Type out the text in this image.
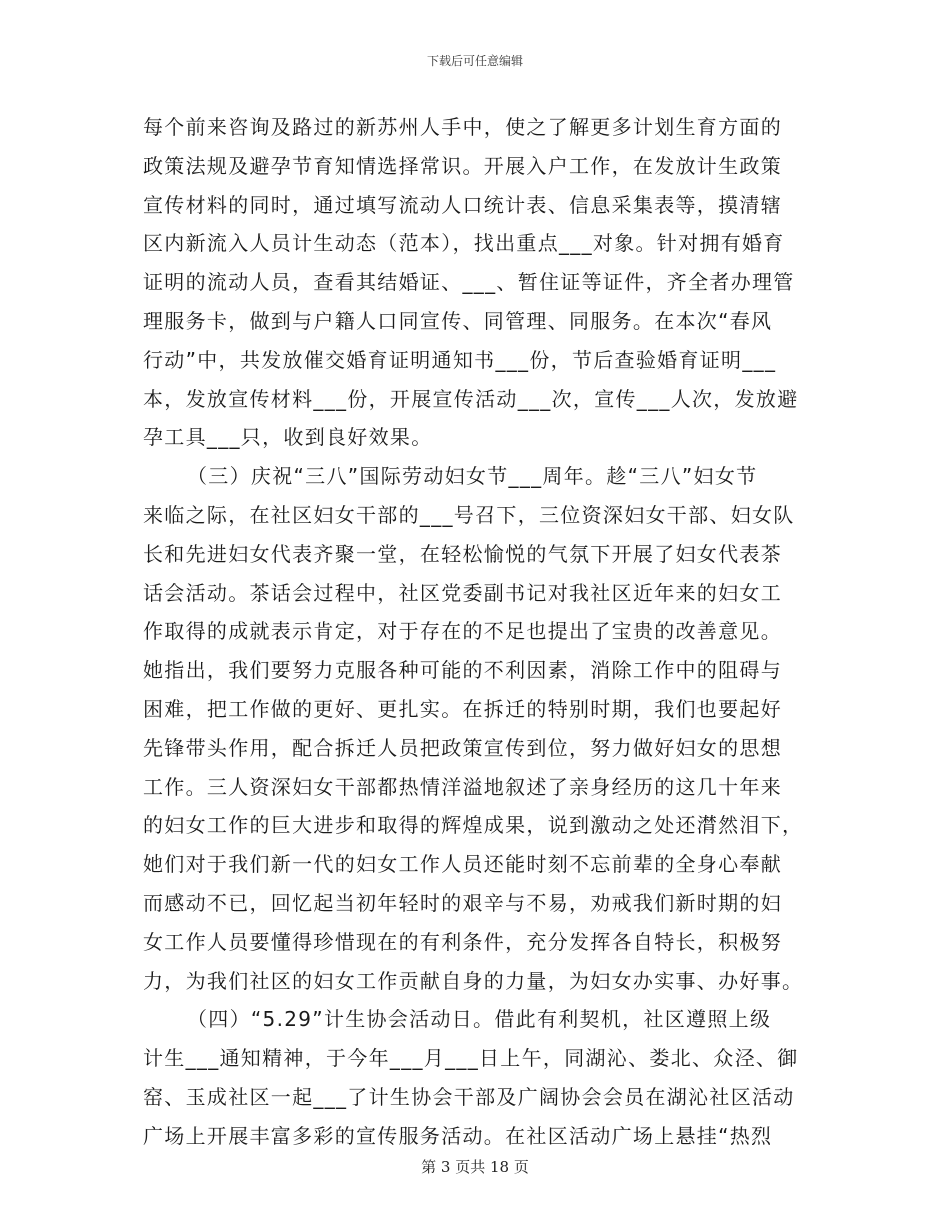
下载后可任意编辑
每个前来咨询及路过的新苏州人手中，使之了解更多计划生育方面的
政策法规及避孕节育知情选择常识。开展入户工作，在发放计生政策
宣传材料的同时，通过填写流动人口统计表、信息采集表等，摸清辖
区内新流入人员计生动态（范本），找出重点___对象。针对拥有婚育
证明的流动人员，查看其结婚证、___、暂住证等证件，齐全者办理管
理服务卡，做到与户籍人口同宣传、同管理、同服务。在本次“春风
行动”中，共发放催交婚育证明通知书___份，节后查验婚育证明___
本，发放宣传材料___份，开展宣传活动___次，宣传___人次，发放避
孕工具___只，收到良好效果。
（三）庆祝“三八”国际劳动妇女节___周年。趁“三八”妇女节
来临之际，在社区妇女干部的___号召下，三位资深妇女干部、妇女队
长和先进妇女代表齐聚一堂，在轻松愉悦的气氛下开展了妇女代表茶
话会活动。茶话会过程中，社区党委副书记对我社区近年来的妇女工
作取得的成就表示肯定，对于存在的不足也提出了宝贵的改善意见。
她指出，我们要努力克服各种可能的不利因素，消除工作中的阻碍与
困难，把工作做的更好、更扎实。在拆迁的特别时期，我们也要起好
先锋带头作用，配合拆迁人员把政策宣传到位，努力做好妇女的思想
工作。三人资深妇女干部都热情洋溢地叙述了亲身经历的这几十年来
的妇女工作的巨大进步和取得的辉煌成果，说到激动之处还潸然泪下，
她们对于我们新一代的妇女工作人员还能时刻不忘前辈的全身心奉献
而感动不已，回忆起当初年轻时的艰辛与不易，劝戒我们新时期的妇
女工作人员要懂得珍惜现在的有利条件，充分发挥各自特长，积极努
力，为我们社区的妇女工作贡献自身的力量，为妇女办实事、办好事。
（四）“5.29”计生协会活动日。借此有利契机，社区遵照上级
计生___通知精神，于今年___月___日上午，同湖沁、娄北、众泾、御
窑、玉成社区一起___了计生协会干部及广阔协会会员在湖沁社区活动
广场上开展丰富多彩的宣传服务活动。在社区活动广场上悬挂“热烈
第 3 页共 18 页
